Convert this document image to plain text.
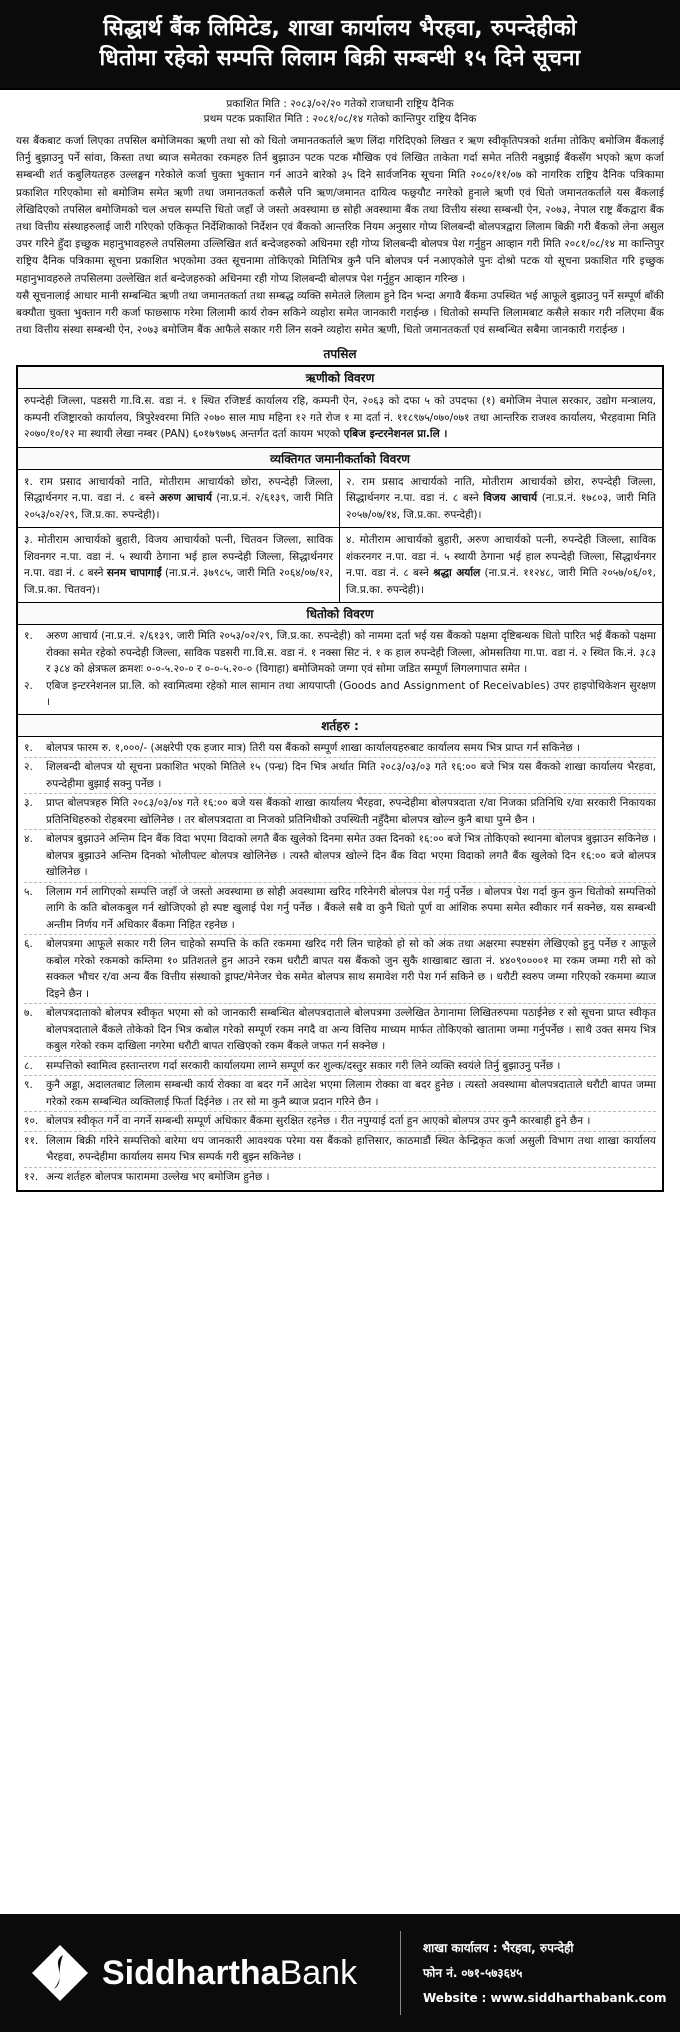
सिद्धार्थ बैंक लिमिटेड, शाखा कार्यालय भैरहवा, रुपन्देहीको
धितोमा रहेको सम्पत्ति लिलाम बिक्री सम्बन्धी १५ दिने सूचना
प्रकाशित मिति : २०८३/०२/२० गतेको राजधानी राष्ट्रिय दैनिक
प्रथम पटक प्रकाशित मिति : २०८१/०८/१४ गतेको कान्तिपुर राष्ट्रिय दैनिक

यस बैंकबाट कर्जा लिएका तपसिल बमोजिमका ऋणी तथा सो को धितो जमानतकर्ताले ऋण लिंदा गरिदिएको लिखत र ऋण स्वीकृतिपत्रको शर्तमा तोकिए बमोजिम बैंकलाई तिर्नु बुझाउनु पर्ने सांवा, किस्ता तथा ब्याज समेतका रकमहरु तिर्न बुझाउन पटक पटक मौखिक एवं लिखित ताकेता गर्दा समेत नतिरी नबुझाई बैंकसँग भएको ऋण कर्जा सम्बन्धी शर्त कबुलियतहरु उल्लङ्घन गरेकोले कर्जा चुक्ता भुक्तान गर्न आउने बारेको ३५ दिने सार्वजनिक सूचना मिति २०८०/११/०७ को नागरिक राष्ट्रिय दैनिक पत्रिकामा प्रकाशित गरिएकोमा सो बमोजिम समेत ऋणी तथा जमानतकर्ता कसैले पनि ऋण/जमानत दायित्व फछ्र्यौट नगरेको हुनाले ऋणी एवं धितो जमानतकर्ताले यस बैंकलाई लेखिदिएको तपसिल बमोजिमको चल अचल सम्पत्ति धितो जहाँ जे जस्तो अवस्थामा छ सोही अवस्थामा बैंक तथा वित्तीय संस्था सम्बन्धी ऐन, २०७३, नेपाल राष्ट्र बैंकद्वारा बैंक तथा वित्तीय संस्थाहरुलाई जारी गरिएको एकिकृत निर्देशिकाको निर्देशन एवं बैंकको आन्तरिक नियम अनुसार गोप्य शिलबन्दी बोलपत्रद्वारा लिलाम बिक्री गरी बैंकको लेना असुल उपर गरिने हुँदा इच्छुक महानुभावहरुले तपसिलमा उल्लिखित शर्त बन्देजहरुको अधिनमा रही गोप्य शिलबन्दी बोलपत्र पेश गर्नुहुन आव्हान गरी मिति २०८१/०८/१४ मा कान्तिपुर राष्ट्रिय दैनिक पत्रिकामा सूचना प्रकाशित भएकोमा उक्त सूचनामा तोकिएको मितिभित्र कुनै पनि बोलपत्र पर्न नआएकोले पुनः दोश्रो पटक यो सूचना प्रकाशित गरि इच्छुक महानुभावहरुले तपसिलमा उल्लेखित शर्त बन्देजहरुको अधिनमा रही गोप्य शिलबन्दी बोलपत्र पेश गर्नुहुन आव्हान गरिन्छ ।

यसै सूचनालाई आधार मानी सम्बन्धित ऋणी तथा जमानतकर्ता तथा सम्बद्ध व्यक्ति समेतले लिलाम हुने दिन भन्दा अगावै बैंकमा उपस्थित भई आफूले बुझाउनु पर्ने सम्पूर्ण बाँकी बक्यौता चुक्ता भुक्तान गरी कर्जा फाछ्साफ गरेमा लिलामी कार्य रोक्न सकिने व्यहोरा समेत जानकारी गराईन्छ । धितोको सम्पत्ति लिलामबाट कसैले सकार गरी नलिएमा बैंक तथा वित्तीय संस्था सम्बन्धी ऐन, २०७३ बमोजिम बैंक आफैले सकार गरी लिन सक्ने व्यहोरा समेत ऋणी, धितो जमानतकर्ता एवं सम्बन्धित सबैमा जानकारी गराईन्छ ।

तपसिल
ऋणीको विवरण
रुपन्देही जिल्ला, पडसरी गा.वि.स. वडा नं. १ स्थित रजिष्टर्ड कार्यालय रहि, कम्पनी ऐन, २०६३ को दफा ५ को उपदफा (१) बमोजिम नेपाल सरकार, उद्योग मन्त्रालय, कम्पनी रजिष्ट्रारको कार्यालय, त्रिपुरेश्वरमा मिति २०७० साल माघ महिना १२ गते रोज १ मा दर्ता नं. ११८९७५/०७०/०७१ तथा आन्तरिक राजश्व कार्यालय, भैरहवामा मिति २०७०/१०/१२ मा स्थायी लेखा नम्बर (PAN) ६०१७९७७६ अन्तर्गत दर्ता कायम भएको एबिज इन्टरनेशनल प्रा.लि ।
व्यक्तिगत जमानीकर्ताको विवरण
१. राम प्रसाद आचार्यको नाति, मोतीराम आचार्यको छोरा, रुपन्देही जिल्ला, सिद्धार्थनगर न.पा. वडा नं. ८ बस्ने अरुण आचार्य (ना.प्र.नं. २/६१३९, जारी मिति २०५३/०२/२९, जि.प्र.का. रुपन्देही)।
२. राम प्रसाद आचार्यको नाति, मोतीराम आचार्यको छोरा, रुपन्देही जिल्ला, सिद्धार्थनगर न.पा. वडा नं. ८ बस्ने विजय आचार्य (ना.प्र.नं. १७८०३, जारी मिति २०५७/०७/१४, जि.प्र.का. रुपन्देही)।
३. मोतीराम आचार्यको बुहारी, विजय आचार्यको पत्नी, चितवन जिल्ला, साविक शिवनगर न.पा. वडा नं. ५ स्थायी ठेगाना भई हाल रुपन्देही जिल्ला, सिद्धार्थनगर न.पा. वडा नं. ८ बस्ने सनम चापागाईं (ना.प्र.नं. ३७९८५, जारी मिति २०६४/०७/१२, जि.प्र.का. चितवन)।
४. मोतीराम आचार्यको बुहारी, अरुण आचार्यको पत्नी, रुपन्देही जिल्ला, साविक शंकरनगर न.पा. वडा नं. ५ स्थायी ठेगाना भई हाल रुपन्देही जिल्ला, सिद्धार्थनगर न.पा. वडा नं. ८ बस्ने श्रद्धा अर्याल (ना.प्र.नं. ११२४८, जारी मिति २०५७/०६/०१, जि.प्र.का. रुपन्देही)।
धितोको विवरण
१.	अरुण आचार्य (ना.प्र.नं. २/६१३९, जारी मिति २०५३/०२/२९, जि.प्र.का. रुपन्देही) को नाममा दर्ता भई यस बैंकको पक्षमा दृष्टिबन्धक धितो पारित भई बैंकको पक्षमा रोक्का समेत रहेको रुपन्देही जिल्ला, साविक पडसरी गा.वि.स. वडा नं. १ नक्सा सिट नं. १ क हाल रुपन्देही जिल्ला, ओमसतिया गा.पा. वडा नं. २ स्थित कि.नं. ३८३ र ३८४ को क्षेत्रफल क्रमशः ०-०-५.२०-० र ०-०-५.२०-० (विगाहा) बमोजिमको जग्गा एवं सोमा जडित सम्पूर्ण लिगलगापात समेत ।
२.	एबिज इन्टरनेशनल प्रा.लि. को स्वामित्वमा रहेको माल सामान तथा आयपाप्ती (Goods and Assignment of Receivables) उपर हाइपोथिकेशन सुरक्षण ।
शर्तहरु :
१.	बोलपत्र फारम रु. १,०००/- (अक्षरेपी एक हजार मात्र) तिरी यस बैंकको सम्पूर्ण शाखा कार्यालयहरुबाट कार्यालय समय भित्र प्राप्त गर्न सकिनेछ ।
२.	शिलबन्दी बोलपत्र यो सूचना प्रकाशित भएको मितिले १५ (पन्ध्र) दिन भित्र अर्थात मिति २०८३/०३/०३ गते १६:०० बजे भित्र यस बैंकको शाखा कार्यालय भैरहवा, रुपन्देहीमा बुझाई सक्नु पर्नेछ ।
३.	प्राप्त बोलपत्रहरु मिति २०८३/०३/०४ गते १६:०० बजे यस बैंकको शाखा कार्यालय भैरहवा, रुपन्देहीमा बोलपत्रदाता र/वा निजका प्रतिनिधि र/वा सरकारी निकायका प्रतिनिधिहरुको रोहबरमा खोलिनेछ । तर बोलपत्रदाता वा निजको प्रतिनिधीको उपस्थिती नहुँदैमा बोलपत्र खोल्न कुनै बाधा पुग्ने छैन ।
४.	बोलपत्र बुझाउने अन्तिम दिन बैंक विदा भएमा विदाको लगतै बैंक खुलेको दिनमा समेत उक्त दिनको १६:०० बजे भित्र तोकिएको स्थानमा बोलपत्र बुझाउन सकिनेछ । बोलपत्र बुझाउने अन्तिम दिनको भोलीपल्ट बोलपत्र खोलिनेछ । त्यस्तै बोलपत्र खोल्ने दिन बैंक विदा भएमा विदाको लगतै बैंक खुलेको दिन १६:०० बजे बोलपत्र खोलिनेछ ।
५.	लिलाम गर्न लागिएको सम्पत्ति जहाँ जे जस्तो अवस्थामा छ सोही अवस्थामा खरिद गरिनेगरी बोलपत्र पेश गर्नु पर्नेछ । बोलपत्र पेश गर्दा कुन कुन धितोको सम्पत्तिको लागि के कति बोलकबुल गर्न खोजिएको हो स्पष्ट खुलाई पेश गर्नु पर्नेछ । बैंकले सबै वा कुनै धितो पूर्ण वा आंशिक रुपमा समेत स्वीकार गर्न सक्नेछ, यस सम्बन्धी अन्तीम निर्णय गर्ने अधिकार बैंकमा निहित रहनेछ ।
६.	बोलपत्रमा आफूले सकार गरी लिन चाहेको सम्पत्ति के कति रकममा खरिद गरी लिन चाहेको हो सो को अंक तथा अक्षरमा स्पष्टसंग लेखिएको हुनु पर्नेछ र आफूले कबोल गरेको रकमको कम्तिमा १० प्रतिशतले हुन आउने रकम धरौटी बापत यस बैंकको जुन सुकै शाखाबाट खाता नं. ४४०९००००१ मा रकम जम्मा गरी सो को सक्कल भौचर र/वा अन्य बैंक वित्तीय संस्थाको ड्राफ्ट/मेनेजर चेक समेत बोलपत्र साथ समावेश गरी पेश गर्न सकिने छ । धरौटी स्वरुप जम्मा गरिएको रकममा ब्याज दिइने छैन ।
७.	बोलपत्रदाताको बोलपत्र स्वीकृत भएमा सो को जानकारी सम्बन्धित बोलपत्रदाताले बोलपत्रमा उल्लेखित ठेगानामा लिखितरुपमा पठाईनेछ र सो सूचना प्राप्त स्वीकृत बोलपत्रदाताले बैंकले तोकेको दिन भित्र कबोल गरेको सम्पूर्ण रकम नगदै वा अन्य वित्तिय माध्यम मार्फत तोकिएको खातामा जम्मा गर्नुपर्नेछ । साथै उक्त समय भित्र कबुल गरेको रकम दाखिला नगरेमा धरौटी बापत राखिएको रकम बैंकले जफत गर्न सक्नेछ ।
८.	सम्पत्तिको स्वामित्व हस्तान्तरण गर्दा सरकारी कार्यालयमा लाग्ने सम्पूर्ण कर शुल्क/दस्तुर सकार गरी लिने व्यक्ति स्वयंले तिर्नु बुझाउनु पर्नेछ ।
९.	कुनै अड्डा, अदालतबाट लिलाम सम्बन्धी कार्य रोक्का वा बदर गर्ने आदेश भएमा लिलाम रोक्का वा बदर हुनेछ । त्यस्तो अवस्थामा बोलपत्रदाताले धरौटी बापत जम्मा गरेको रकम सम्बन्धित व्यक्तिलाई फिर्ता दिईनेछ । तर सो मा कुनै ब्याज प्रदान गरिने छैन ।
१०. बोलपत्र स्वीकृत गर्ने वा नगर्ने सम्बन्धी सम्पूर्ण अधिकार बैंकमा सुरक्षित रहनेछ । रीत नपुग्याई दर्ता हुन आएको बोलपत्र उपर कुनै कारबाही हुने छैन ।
११. लिलाम बिक्री गरिने सम्पत्तिको बारेमा थप जानकारी आवश्यक परेमा यस बैंकको हात्तिसार, काठमाडौं स्थित केन्द्रिकृत कर्जा असुली विभाग तथा शाखा कार्यालय भैरहवा, रुपन्देहीमा कार्यालय समय भित्र सम्पर्क गरी बुझ्न सकिनेछ ।
१२. अन्य शर्तहरु बोलपत्र फाराममा उल्लेख भए बमोजिम हुनेछ ।
SiddharthaBank
शाखा कार्यालय : भैरहवा, रुपन्देही
फोन नं. ०७१-५७३६४५
Website : www.siddharthabank.com
